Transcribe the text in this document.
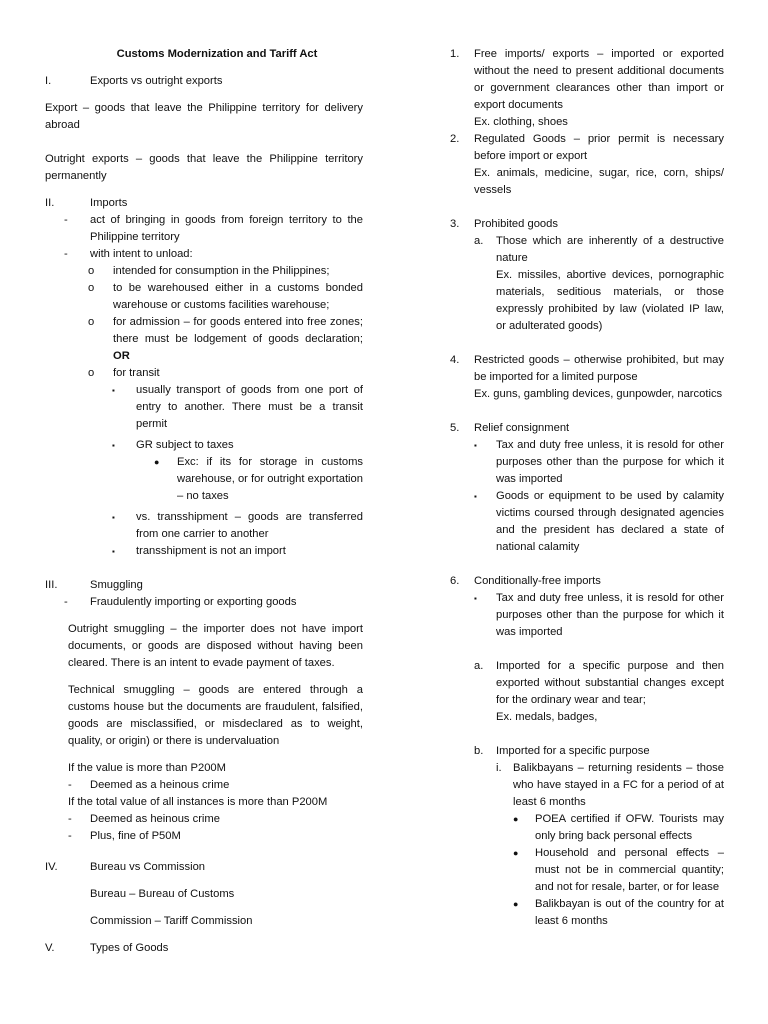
Customs Modernization and Tariff Act

I.	Exports vs outright exports

Export – goods that leave the Philippine territory for delivery abroad

Outright exports – goods that leave the Philippine territory permanently

II.	Imports
-	act of bringing in goods from foreign territory to the Philippine territory
-	with intent to unload:
o	intended for consumption in the Philippines;
o	to be warehoused either in a customs bonded warehouse or customs facilities warehouse;
o	for admission – for goods entered into free zones; there must be lodgement of goods declaration; OR
o	for transit
▪	usually transport of goods from one port of entry to another. There must be a transit permit
▪	GR subject to taxes
●	Exc: if its for storage in customs warehouse, or for outright exportation – no taxes
▪	vs. transshipment – goods are transferred from one carrier to another
▪	transshipment is not an import
III.	Smuggling
-	Fraudulently importing or exporting goods

Outright smuggling – the importer does not have import documents, or goods are disposed without having been cleared. There is an intent to evade payment of taxes.

Technical smuggling – goods are entered through a customs house but the documents are fraudulent, falsified, goods are misclassified, or misdeclared as to weight, quality, or origin) or there is undervaluation

If the value is more than P200M

-	Deemed as a heinous crime

If the total value of all instances is more than P200M

-	Deemed as heinous crime
-	Plus, fine of P50M
IV.	Bureau vs Commission

Bureau – Bureau of Customs

Commission – Tariff Commission

V.	Types of Goods
1.	Free imports/ exports – imported or exported without the need to present additional documents or government clearances other than import or export documents

Ex. clothing, shoes

2.	Regulated Goods – prior permit is necessary before import or export

Ex. animals, medicine, sugar, rice, corn, ships/ vessels

3.	Prohibited goods
a.	Those which are inherently of a destructive nature

Ex. missiles, abortive devices, pornographic materials, seditious materials, or those expressly prohibited by law (violated IP law, or adulterated goods)

4.	Restricted goods – otherwise prohibited, but may be imported for a limited purpose

Ex. guns, gambling devices, gunpowder, narcotics

5.	Relief consignment
▪	Tax and duty free unless, it is resold for other purposes other than the purpose for which it was imported
▪	Goods or equipment to be used by calamity victims coursed through designated agencies and the president has declared a state of national calamity
6.	Conditionally-free imports
▪	Tax and duty free unless, it is resold for other purposes other than the purpose for which it was imported
a.	Imported for a specific purpose and then exported without substantial changes except for the ordinary wear and tear;

Ex. medals, badges,

b.	Imported for a specific purpose
i.	Balikbayans – returning residents – those who have stayed in a FC for a period of at least 6 months
●	POEA certified if OFW. Tourists may only bring back personal effects
●	Household and personal effects – must not be in commercial quantity; and not for resale, barter, or for lease
●	Balikbayan is out of the country for at least 6 months
